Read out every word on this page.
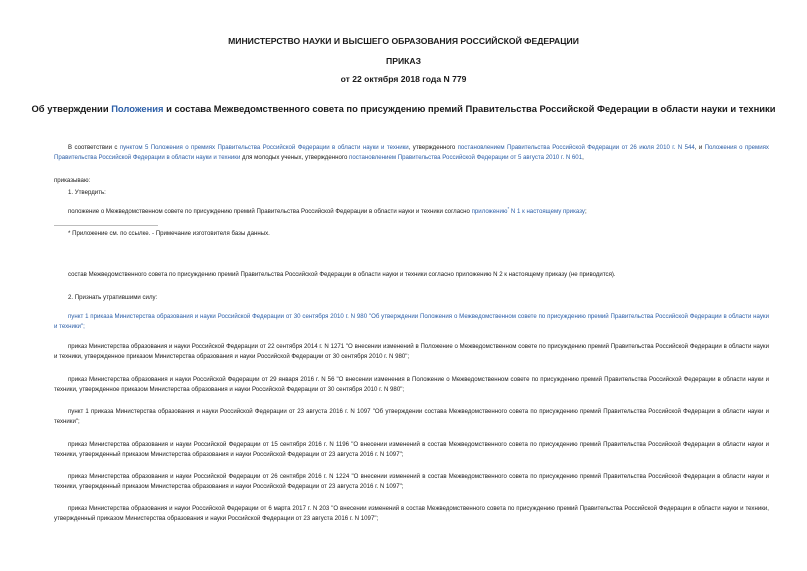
МИНИСТЕРСТВО НАУКИ И ВЫСШЕГО ОБРАЗОВАНИЯ РОССИЙСКОЙ ФЕДЕРАЦИИ

ПРИКАЗ

от 22 октября 2018 года N 779

Об утверждении Положения и состава Межведомственного совета по присуждению премий Правительства Российской Федерации в области науки и техники

В соответствии с пунктом 5 Положения о премиях Правительства Российской Федерации в области науки и техники, утвержденного постановлением Правительства Российской Федерации от 26 июля 2010 г. N 544, и Положения о премиях Правительства Российской Федерации в области науки и техники для молодых ученых, утвержденного постановлением Правительства Российской Федерации от 5 августа 2010 г. N 601,

приказываю:

1. Утвердить:

положение о Межведомственном совете по присуждению премий Правительства Российской Федерации в области науки и техники согласно приложению* N 1 к настоящему приказу;

* Приложение см. по ссылке. - Примечание изготовителя базы данных.

состав Межведомственного совета по присуждению премий Правительства Российской Федерации в области науки и техники согласно приложению N 2 к настоящему приказу (не приводится).

2. Признать утратившими силу:

пункт 1 приказа Министерства образования и науки Российской Федерации от 30 сентября 2010 г. N 980 "Об утверждении Положения о Межведомственном совете по присуждению премий Правительства Российской Федерации в области науки и техники";

приказ Министерства образования и науки Российской Федерации от 22 сентября 2014 г. N 1271 "О внесении изменений в Положение о Межведомственном совете по присуждению премий Правительства Российской Федерации в области науки и техники, утвержденное приказом Министерства образования и науки Российской Федерации от 30 сентября 2010 г. N 980";

приказ Министерства образования и науки Российской Федерации от 29 января 2016 г. N 56 "О внесении изменения в Положение о Межведомственном совете по присуждению премий Правительства Российской Федерации в области науки и техники, утвержденное приказом Министерства образования и науки Российской Федерации от 30 сентября 2010 г. N 980";

пункт 1 приказа Министерства образования и науки Российской Федерации от 23 августа 2016 г. N 1097 "Об утверждении состава Межведомственного совета по присуждению премий Правительства Российской Федерации в области науки и техники";

приказ Министерства образования и науки Российской Федерации от 15 сентября 2016 г. N 1196 "О внесении изменений в состав Межведомственного совета по присуждению премий Правительства Российской Федерации в области науки и техники, утвержденный приказом Министерства образования и науки Российской Федерации от 23 августа 2016 г. N 1097";

приказ Министерства образования и науки Российской Федерации от 26 сентября 2016 г. N 1224 "О внесении изменений в состав Межведомственного совета по присуждению премий Правительства Российской Федерации в области науки и техники, утвержденный приказом Министерства образования и науки Российской Федерации от 23 августа 2016 г. N 1097";

приказ Министерства образования и науки Российской Федерации от 6 марта 2017 г. N 203 "О внесении изменений в состав Межведомственного совета по присуждению премий Правительства Российской Федерации в области науки и техники, утвержденный приказом Министерства образования и науки Российской Федерации от 23 августа 2016 г. N 1097";
